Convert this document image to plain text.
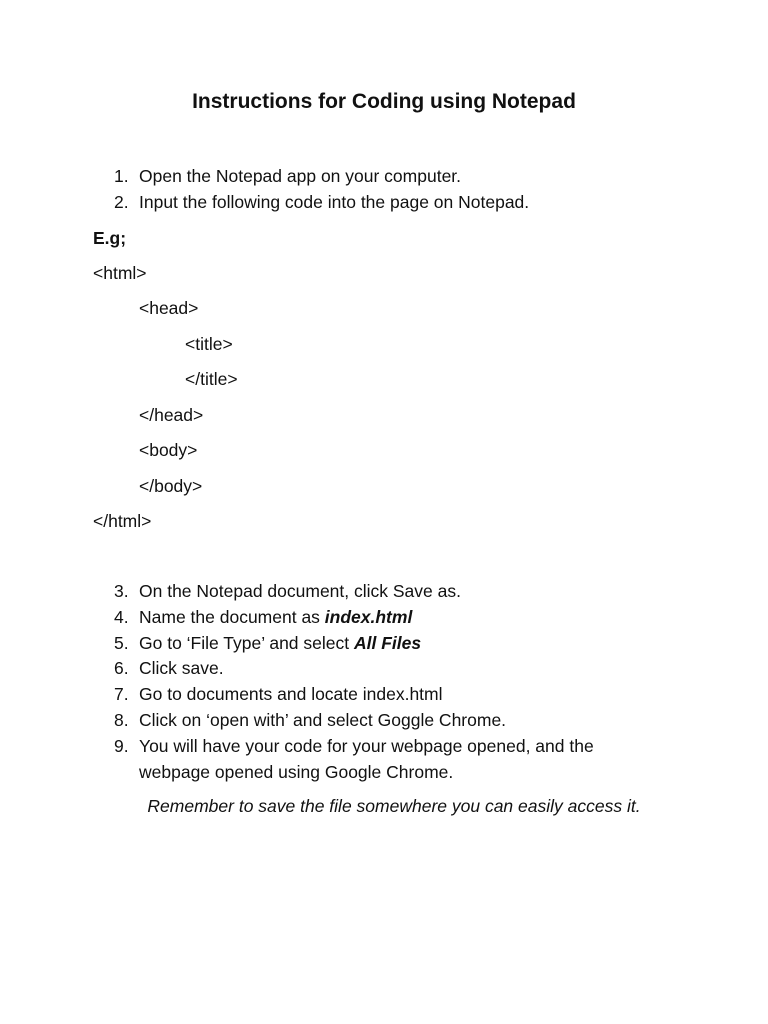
Instructions for Coding using Notepad
1. Open the Notepad app on your computer.
2. Input the following code into the page on Notepad.
E.g;
<html>
<head>
<title>
</title>
</head>
<body>
</body>
</html>
3. On the Notepad document, click Save as.
4. Name the document as index.html
5. Go to ‘File Type’ and select All Files
6. Click save.
7. Go to documents and locate index.html
8. Click on ‘open with’ and select Goggle Chrome.
9. You will have your code for your webpage opened, and the
webpage opened using Google Chrome.
Remember to save the file somewhere you can easily access it.
